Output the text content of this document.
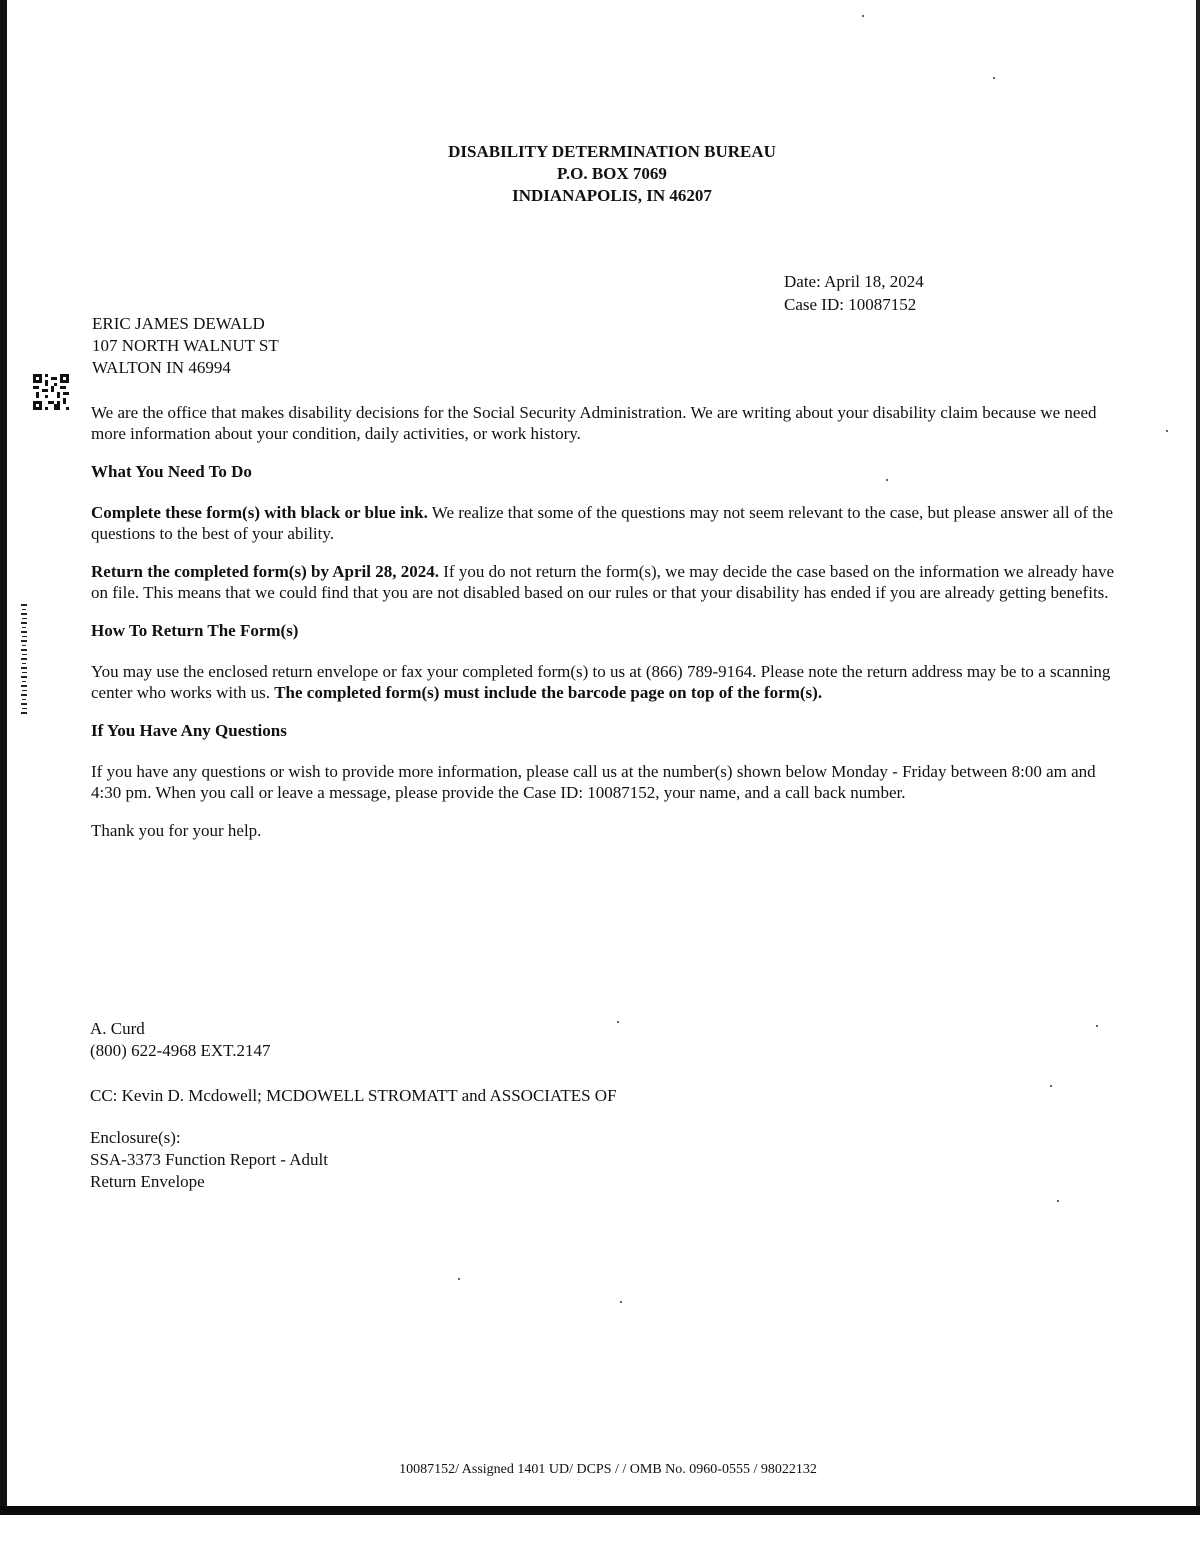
DISABILITY DETERMINATION BUREAU
P.O. BOX 7069
INDIANAPOLIS, IN 46207
Date: April 18, 2024
Case ID: 10087152
ERIC JAMES DEWALD
107 NORTH WALNUT ST
WALTON IN 46994

We are the office that makes disability decisions for the Social Security Administration. We are writing about your disability claim because we need more information about your condition, daily activities, or work history.

What You Need To Do

Complete these form(s) with black or blue ink. We realize that some of the questions may not seem relevant to the case, but please answer all of the questions to the best of your ability.

Return the completed form(s) by April 28, 2024. If you do not return the form(s), we may decide the case based on the information we already have on file. This means that we could find that you are not disabled based on our rules or that your disability has ended if you are already getting benefits.

How To Return The Form(s)

You may use the enclosed return envelope or fax your completed form(s) to us at (866) 789-9164. Please note the return address may be to a scanning center who works with us. The completed form(s) must include the barcode page on top of the form(s).

If You Have Any Questions

If you have any questions or wish to provide more information, please call us at the number(s) shown below Monday - Friday between 8:00 am and 4:30 pm. When you call or leave a message, please provide the Case ID: 10087152, your name, and a call back number.

Thank you for your help.

A. Curd
(800) 622-4968 EXT.2147
CC: Kevin D. Mcdowell; MCDOWELL STROMATT and ASSOCIATES OF
Enclosure(s):
SSA-3373 Function Report - Adult
Return Envelope
10087152/ Assigned 1401 UD/ DCPS / / OMB No. 0960-0555 / 98022132
